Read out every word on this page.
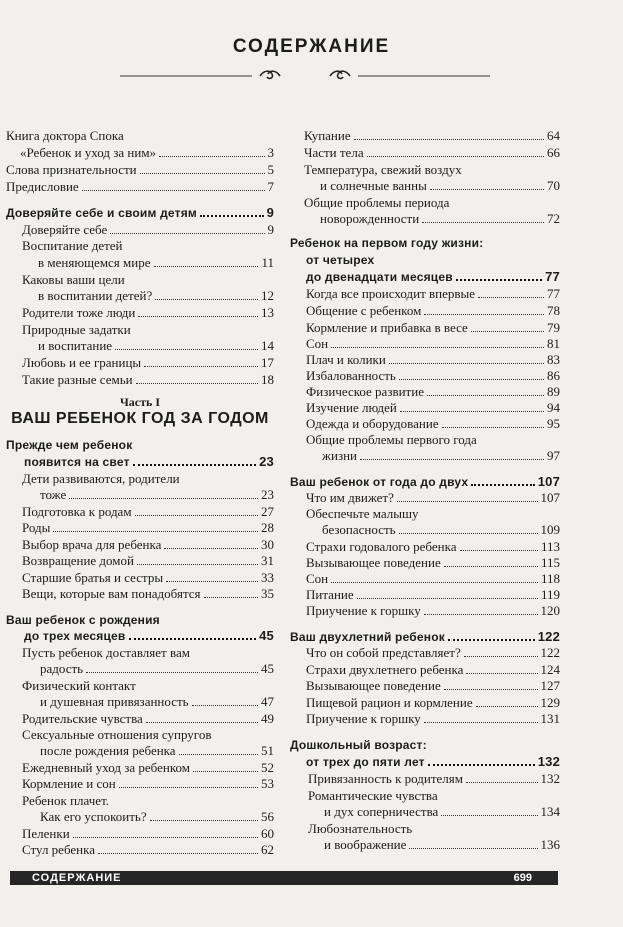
СОДЕРЖАНИЕ
Книга доктора Спока
«Ребенок и уход за ним»	3
Слова признательности	5
Предисловие	7
Доверяйте себе и своим детям	9
Доверяйте себе	9
Воспитание детей
в меняющемся мире	11
Каковы ваши цели
в воспитании детей?	12
Родители тоже люди	13
Природные задатки
и воспитание	14
Любовь и ее границы	17
Такие разные семьи	18
Часть I
ВАШ РЕБЕНОК ГОД ЗА ГОДОМ
Прежде чем ребенок
появится на свет	23
Дети развиваются, родители
тоже	23
Подготовка к родам	27
Роды	28
Выбор врача для ребенка	30
Возвращение домой	31
Старшие братья и сестры	33
Вещи, которые вам понадобятся	35
Ваш ребенок с рождения
до трех месяцев	45
Пусть ребенок доставляет вам
радость	45
Физический контакт
и душевная привязанность	47
Родительские чувства	49
Сексуальные отношения супругов
после рождения ребенка	51
Ежедневный уход за ребенком	52
Кормление и сон	53
Ребенок плачет.
Как его успокоить?	56
Пеленки	60
Стул ребенка	62
Купание	64
Части тела	66
Температура, свежий воздух
и солнечные ванны	70
Общие проблемы периода
новорожденности	72
Ребенок на первом году жизни:
от четырех
до двенадцати месяцев	77
Когда все происходит впервые	77
Общение с ребенком	78
Кормление и прибавка в весе	79
Сон	81
Плач и колики	83
Избалованность	86
Физическое развитие	89
Изучение людей	94
Одежда и оборудование	95
Общие проблемы первого года
жизни	97
Ваш ребенок от года до двух	107
Что им движет?	107
Обеспечьте малышу
безопасность	109
Страхи годовалого ребенка	113
Вызывающее поведение	115
Сон	118
Питание	119
Приучение к горшку	120
Ваш двухлетний ребенок	122
Что он собой представляет?	122
Страхи двухлетнего ребенка	124
Вызывающее поведение	127
Пищевой рацион и кормление	129
Приучение к горшку	131
Дошкольный возраст:
от трех до пяти лет	132
Привязанность к родителям	132
Романтические чувства
и дух соперничества	134
Любознательность
и воображение	136
СОДЕРЖАНИЕ	699
